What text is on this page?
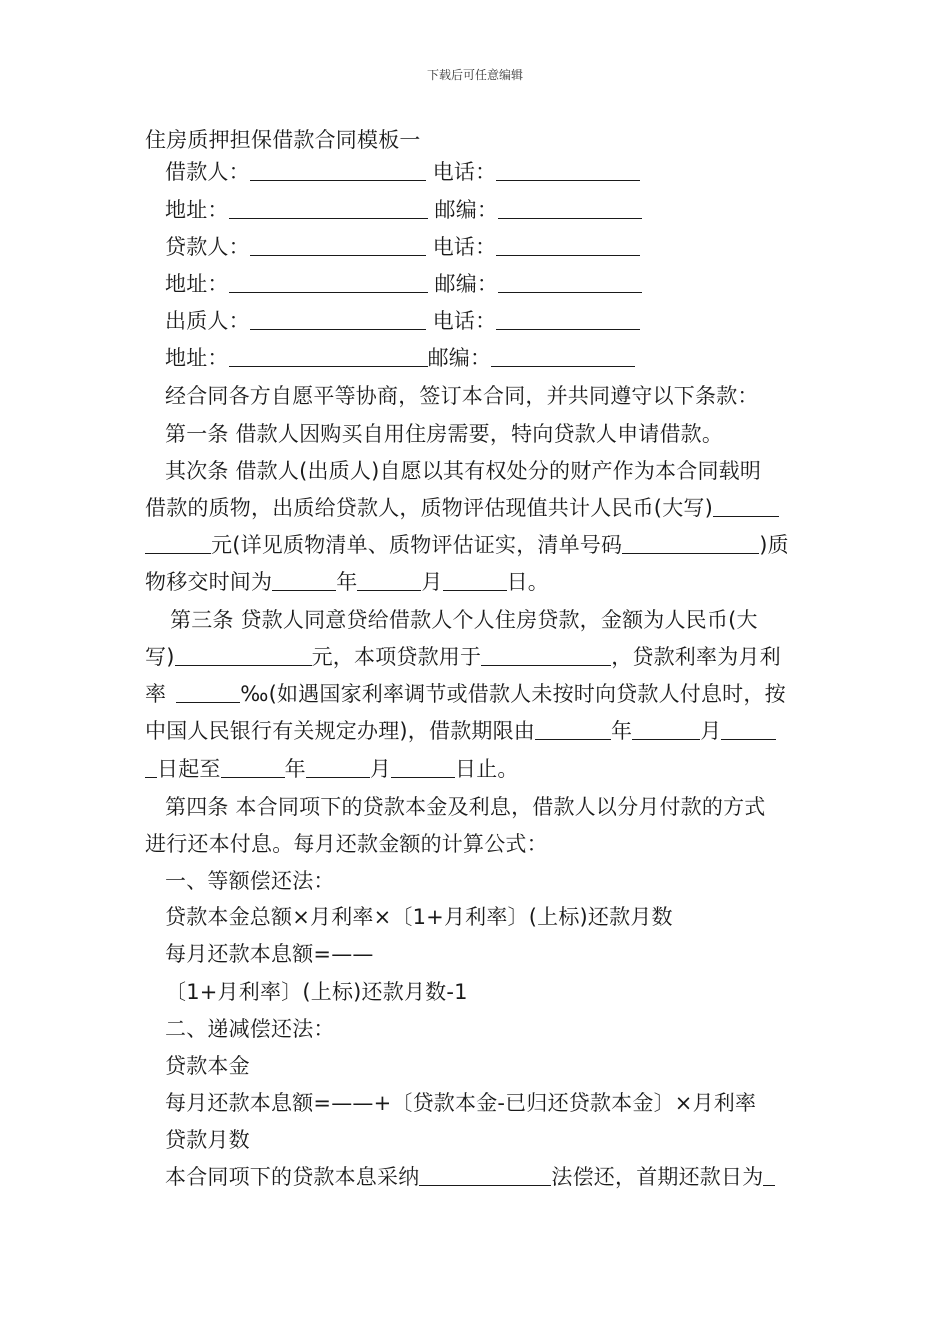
下载后可任意编辑
住房质押担保借款合同模板一
借款人：	电话：
地址：	邮编：
贷款人：	电话：
地址：	邮编：
出质人：	电话：
地址：	邮编：
经合同各方自愿平等协商，签订本合同，并共同遵守以下条款：
第一条 借款人因购买自用住房需要，特向贷款人申请借款。
其次条 借款人(出质人)自愿以其有权处分的财产作为本合同载明
借款的质物，出质给贷款人，质物评估现值共计人民币(大写)
元(详见质物清单、质物评估证实，清单号码	)质
物移交时间为	年	月	日。
第三条 贷款人同意贷给借款人个人住房贷款，金额为人民币(大
写)	元，本项贷款用于	，贷款利率为月利
率	‰(如遇国家利率调节或借款人未按时向贷款人付息时，按
中国人民银行有关规定办理)，借款期限由	年	月
日起至	年	月	日止。
第四条 本合同项下的贷款本金及利息，借款人以分月付款的方式
进行还本付息。每月还款金额的计算公式：
一、等额偿还法：
贷款本金总额×月利率×〔1+月利率〕(上标)还款月数
每月还款本息额=——
〔1+月利率〕(上标)还款月数-1
二、递减偿还法：
贷款本金
每月还款本息额=——+〔贷款本金-已归还贷款本金〕×月利率
贷款月数
本合同项下的贷款本息采纳	法偿还，首期还款日为
